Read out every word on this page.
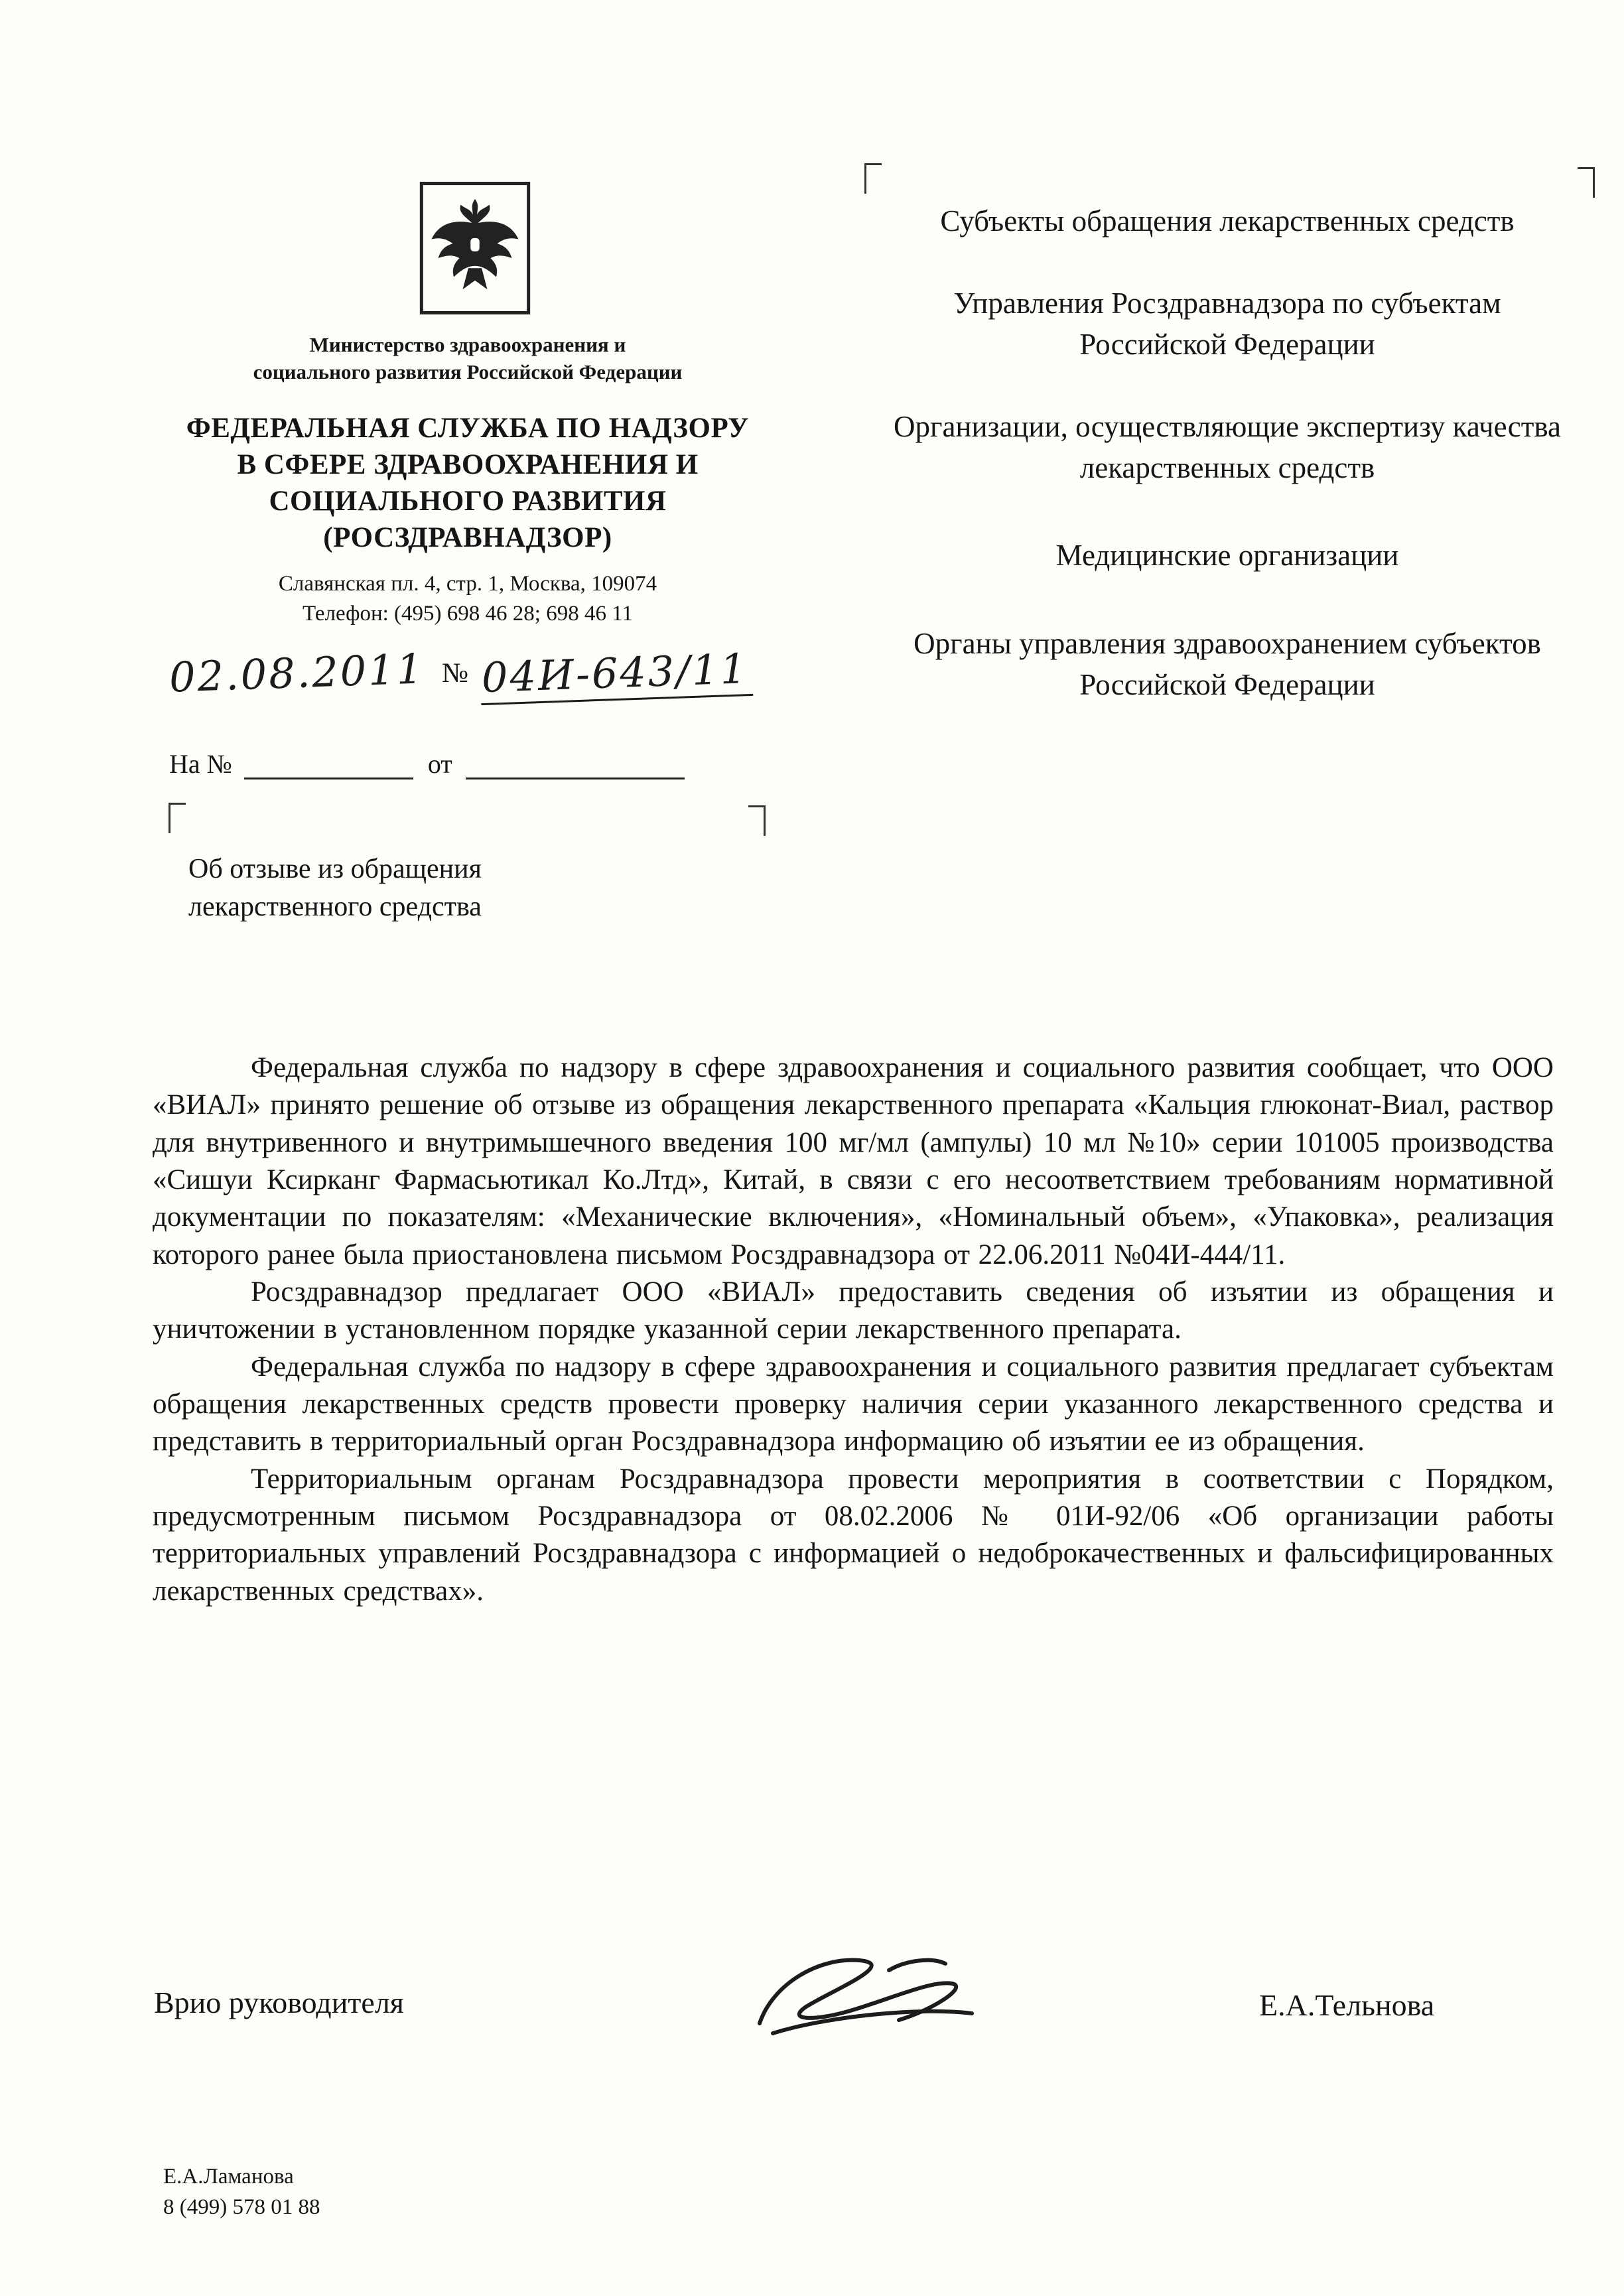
Министерство здравоохранения и
социального развития Российской Федерации
ФЕДЕРАЛЬНАЯ СЛУЖБА ПО НАДЗОРУ
В СФЕРЕ ЗДРАВООХРАНЕНИЯ И
СОЦИАЛЬНОГО РАЗВИТИЯ
(РОСЗДРАВНАДЗОР)
Славянская пл. 4, стр. 1, Москва, 109074
Телефон: (495) 698 46 28; 698 46 11
02.08.2011 № 04И-643/11
На №	от
Об отзыве из обращения
лекарственного средства
Субъекты обращения лекарственных средств
Управления Росздравнадзора по субъектам Российской Федерации
Организации, осуществляющие экспертизу качества лекарственных средств
Медицинские организации
Органы управления здравоохранением субъектов Российской Федерации

Федеральная служба по надзору в сфере здравоохранения и социального развития сообщает, что ООО «ВИАЛ» принято решение об отзыве из обращения лекарственного препарата «Кальция глюконат-Виал, раствор для внутривенного и внутримышечного введения 100 мг/мл (ампулы) 10 мл №10» серии 101005 производства «Сишуи Ксирканг Фармасьютикал Ко.Лтд», Китай, в связи с его несоответствием требованиям нормативной документации по показателям: «Механические включения», «Номинальный объем», «Упаковка», реализация которого ранее была приостановлена письмом Росздравнадзора от 22.06.2011 №04И-444/11.

Росздравнадзор предлагает ООО «ВИАЛ» предоставить сведения об изъятии из обращения и уничтожении в установленном порядке указанной серии лекарственного препарата.

Федеральная служба по надзору в сфере здравоохранения и социального развития предлагает субъектам обращения лекарственных средств провести проверку наличия серии указанного лекарственного средства и представить в территориальный орган Росздравнадзора информацию об изъятии ее из обращения.

Территориальным органам Росздравнадзора провести мероприятия в соответствии с Порядком, предусмотренным письмом Росздравнадзора от 08.02.2006 № 01И-92/06 «Об организации работы территориальных управлений Росздравнадзора с информацией о недоброкачественных и фальсифицированных лекарственных средствах».

Врио руководителя	Е.А.Тельнова
Е.А.Ламанова
8 (499) 578 01 88
